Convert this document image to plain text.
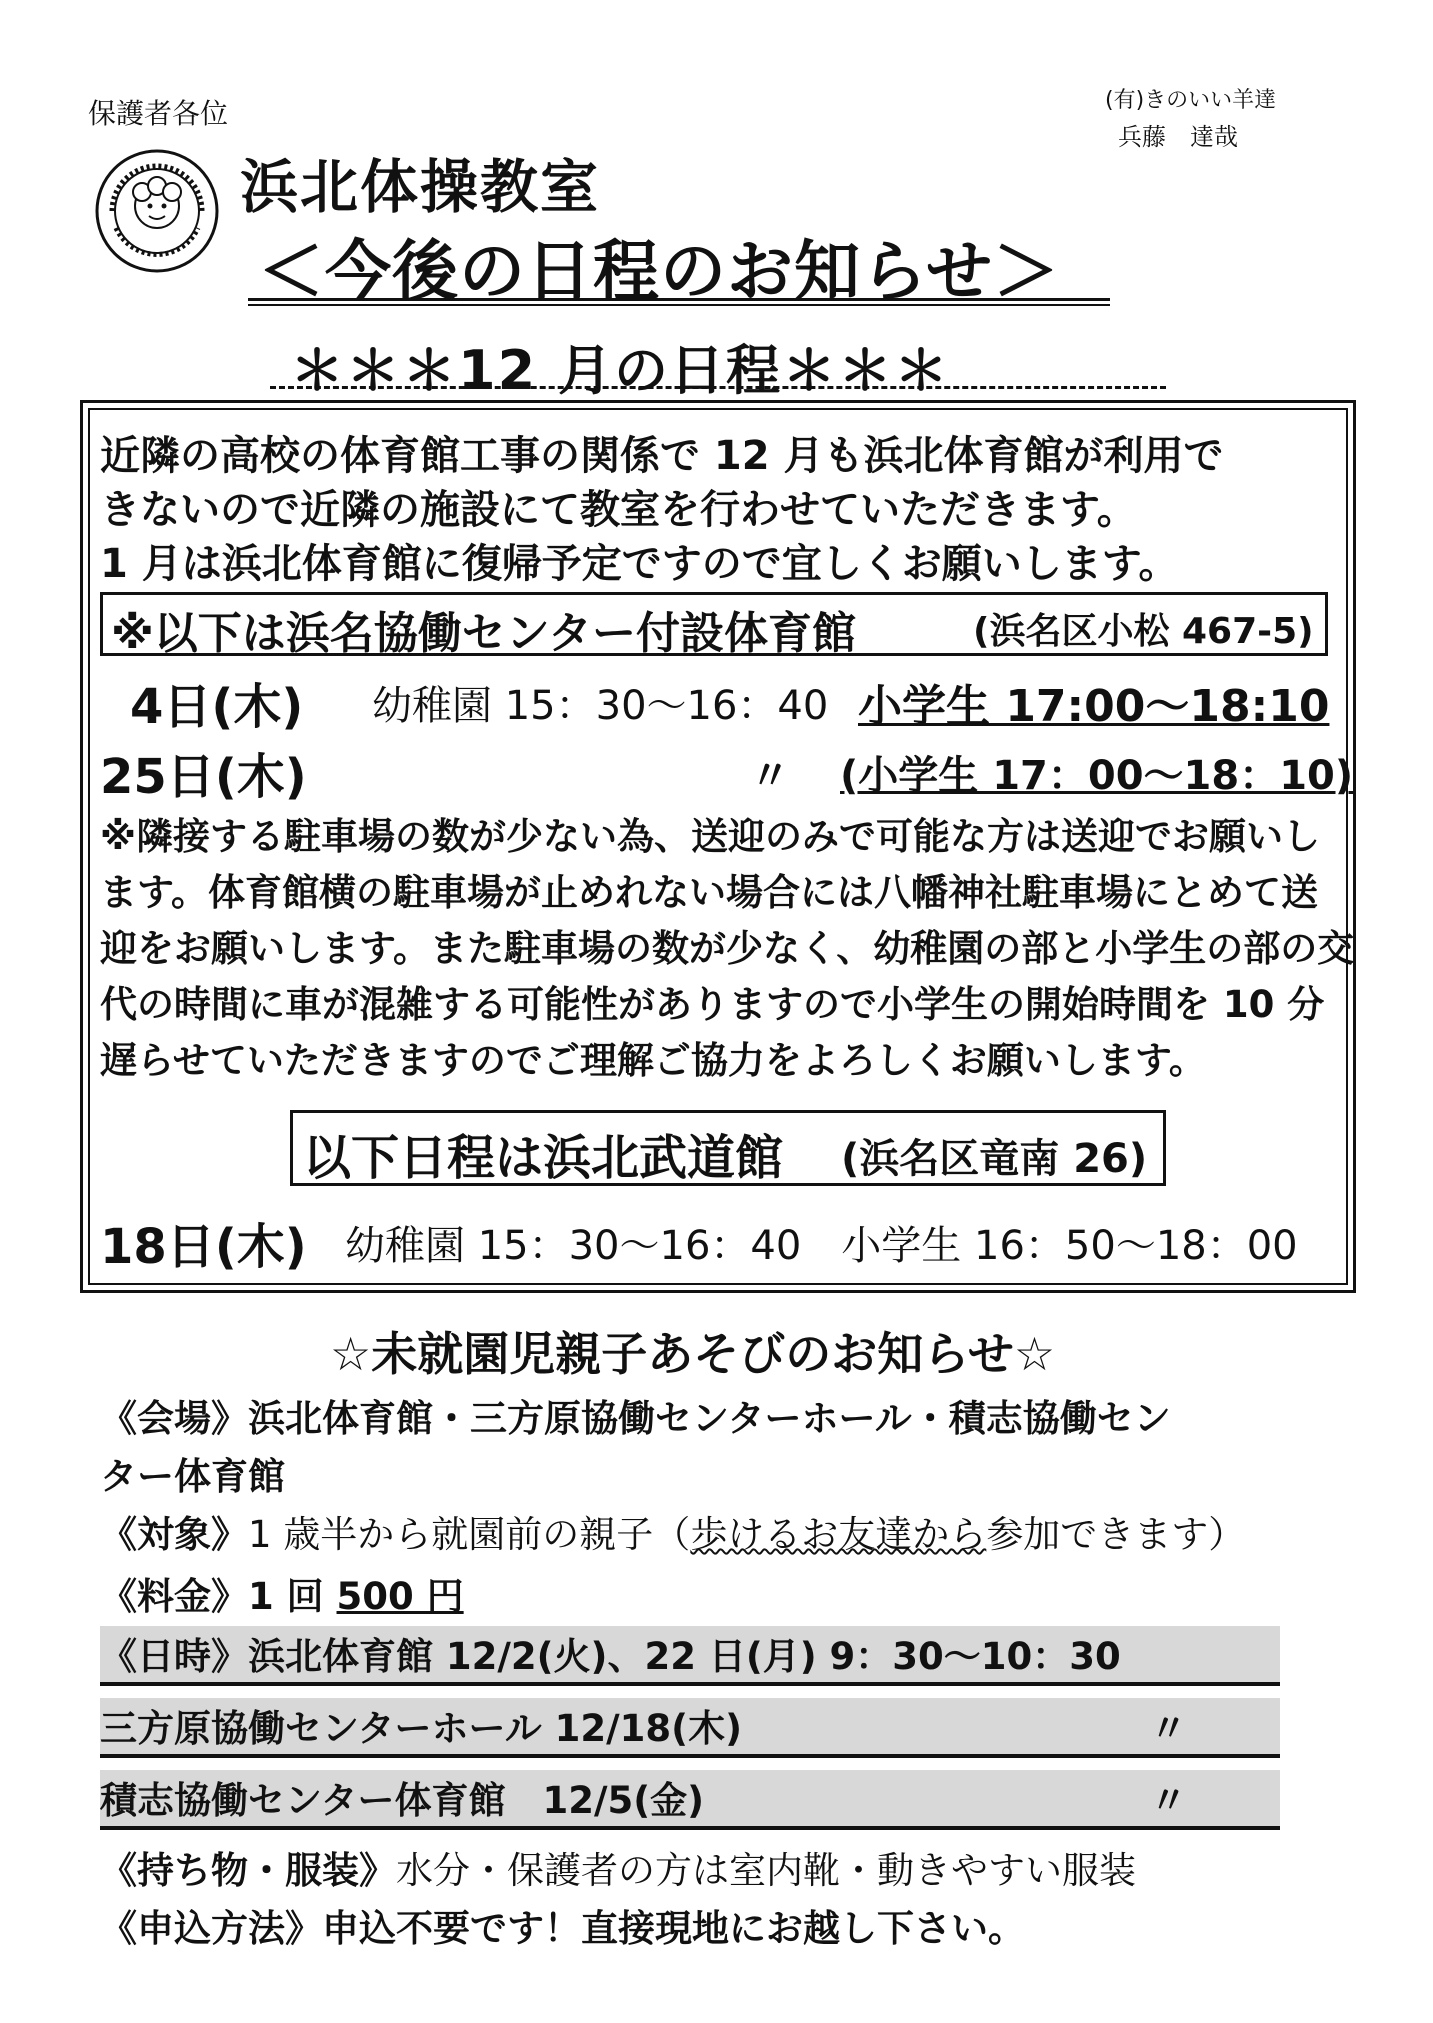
保護者各位	(有)きのいい羊達
兵藤　達哉
浜北体操教室
＜今後の日程のお知らせ＞
＊＊＊12 月の日程＊＊＊
近隣の高校の体育館工事の関係で 12 月も浜北体育館が利用で
きないので近隣の施設にて教室を行わせていただきます。
1 月は浜北体育館に復帰予定ですので宜しくお願いします。
※以下は浜名協働センター付設体育館	(浜名区小松 467-5)
4日(木) 幼稚園 15：30〜16：40 小学生 17:00〜18:10
25日(木)	〃 (小学生 17：00〜18：10)
※隣接する駐車場の数が少ない為、送迎のみで可能な方は送迎でお願いし
ます。体育館横の駐車場が止めれない場合には八幡神社駐車場にとめて送
迎をお願いします。また駐車場の数が少なく、幼稚園の部と小学生の部の交
代の時間に車が混雑する可能性がありますので小学生の開始時間を 10 分
遅らせていただきますのでご理解ご協力をよろしくお願いします。
以下日程は浜北武道館 (浜名区竜南 26)
18日(木) 幼稚園 15：30〜16：40　小学生 16：50〜18：00
☆未就園児親子あそびのお知らせ☆
《会場》浜北体育館・三方原協働センターホール・積志協働セン
ター体育館
《対象》1 歳半から就園前の親子（歩けるお友達から参加できます）
《料金》1 回 500 円
《日時》浜北体育館 12/2(火)、22 日(月) 9：30〜10：30
三方原協働センターホール 12/18(木)	〃
積志協働センター体育館　12/5(金)	〃
《持ち物・服装》水分・保護者の方は室内靴・動きやすい服装
《申込方法》申込不要です！直接現地にお越し下さい。
